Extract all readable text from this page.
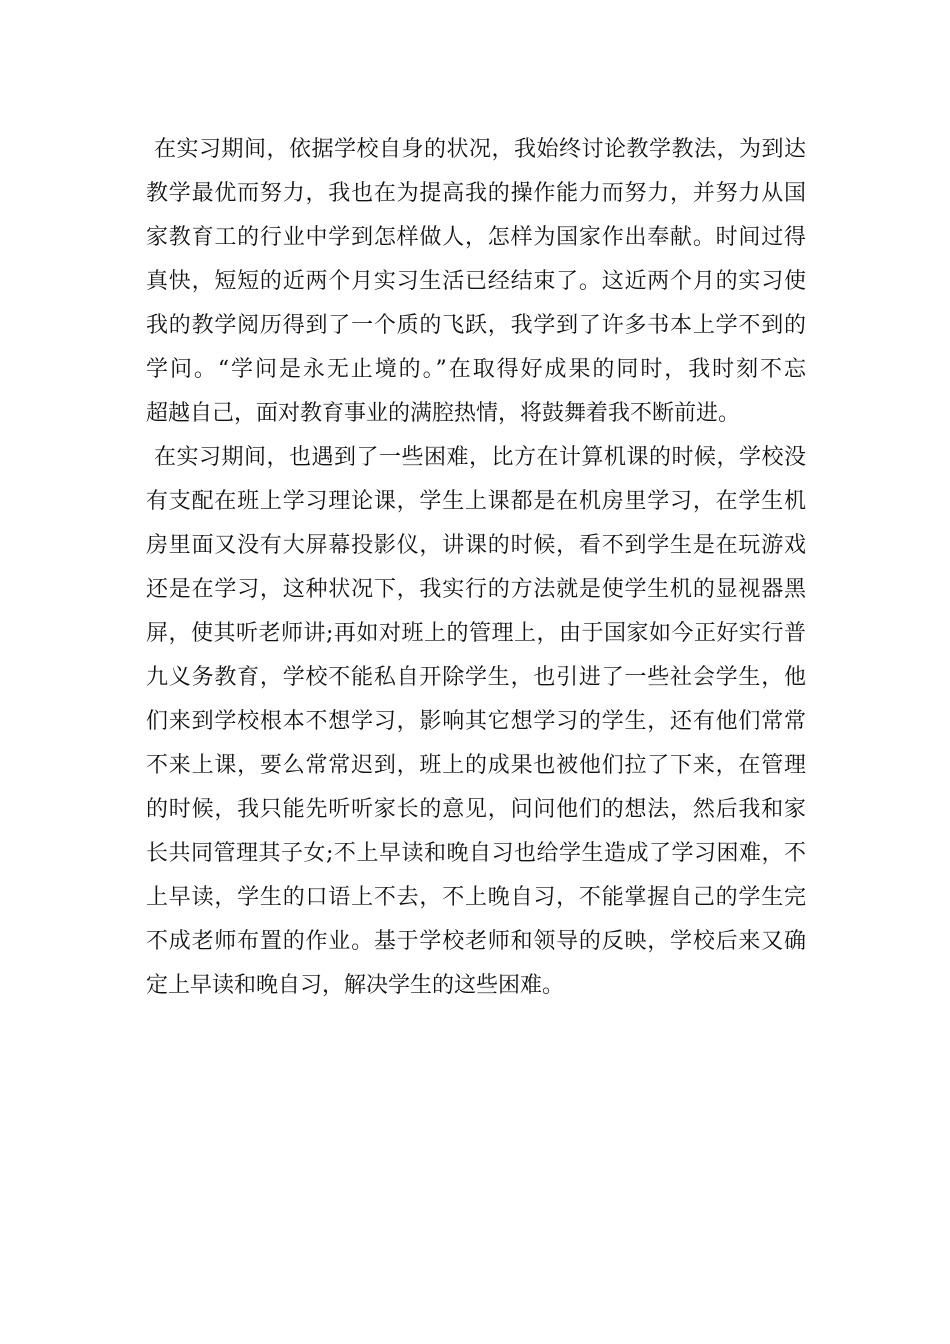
在实习期间，依据学校自身的状况，我始终讨论教学教法，为到达
教学最优而努力，我也在为提高我的操作能力而努力，并努力从国
家教育工的行业中学到怎样做人，怎样为国家作出奉献。时间过得
真快，短短的近两个月实习生活已经结束了。这近两个月的实习使
我的教学阅历得到了一个质的飞跃，我学到了许多书本上学不到的
学问。“学问是永无止境的。”在取得好成果的同时，我时刻不忘
超越自己，面对教育事业的满腔热情，将鼓舞着我不断前进。
在实习期间，也遇到了一些困难，比方在计算机课的时候，学校没
有支配在班上学习理论课，学生上课都是在机房里学习，在学生机
房里面又没有大屏幕投影仪，讲课的时候，看不到学生是在玩游戏
还是在学习，这种状况下，我实行的方法就是使学生机的显视器黑
屏，使其听老师讲;再如对班上的管理上，由于国家如今正好实行普
九义务教育，学校不能私自开除学生，也引进了一些社会学生，他
们来到学校根本不想学习，影响其它想学习的学生，还有他们常常
不来上课，要么常常迟到，班上的成果也被他们拉了下来，在管理
的时候，我只能先听听家长的意见，问问他们的想法，然后我和家
长共同管理其子女;不上早读和晚自习也给学生造成了学习困难，不
上早读，学生的口语上不去，不上晚自习，不能掌握自己的学生完
不成老师布置的作业。基于学校老师和领导的反映，学校后来又确
定上早读和晚自习，解决学生的这些困难。
